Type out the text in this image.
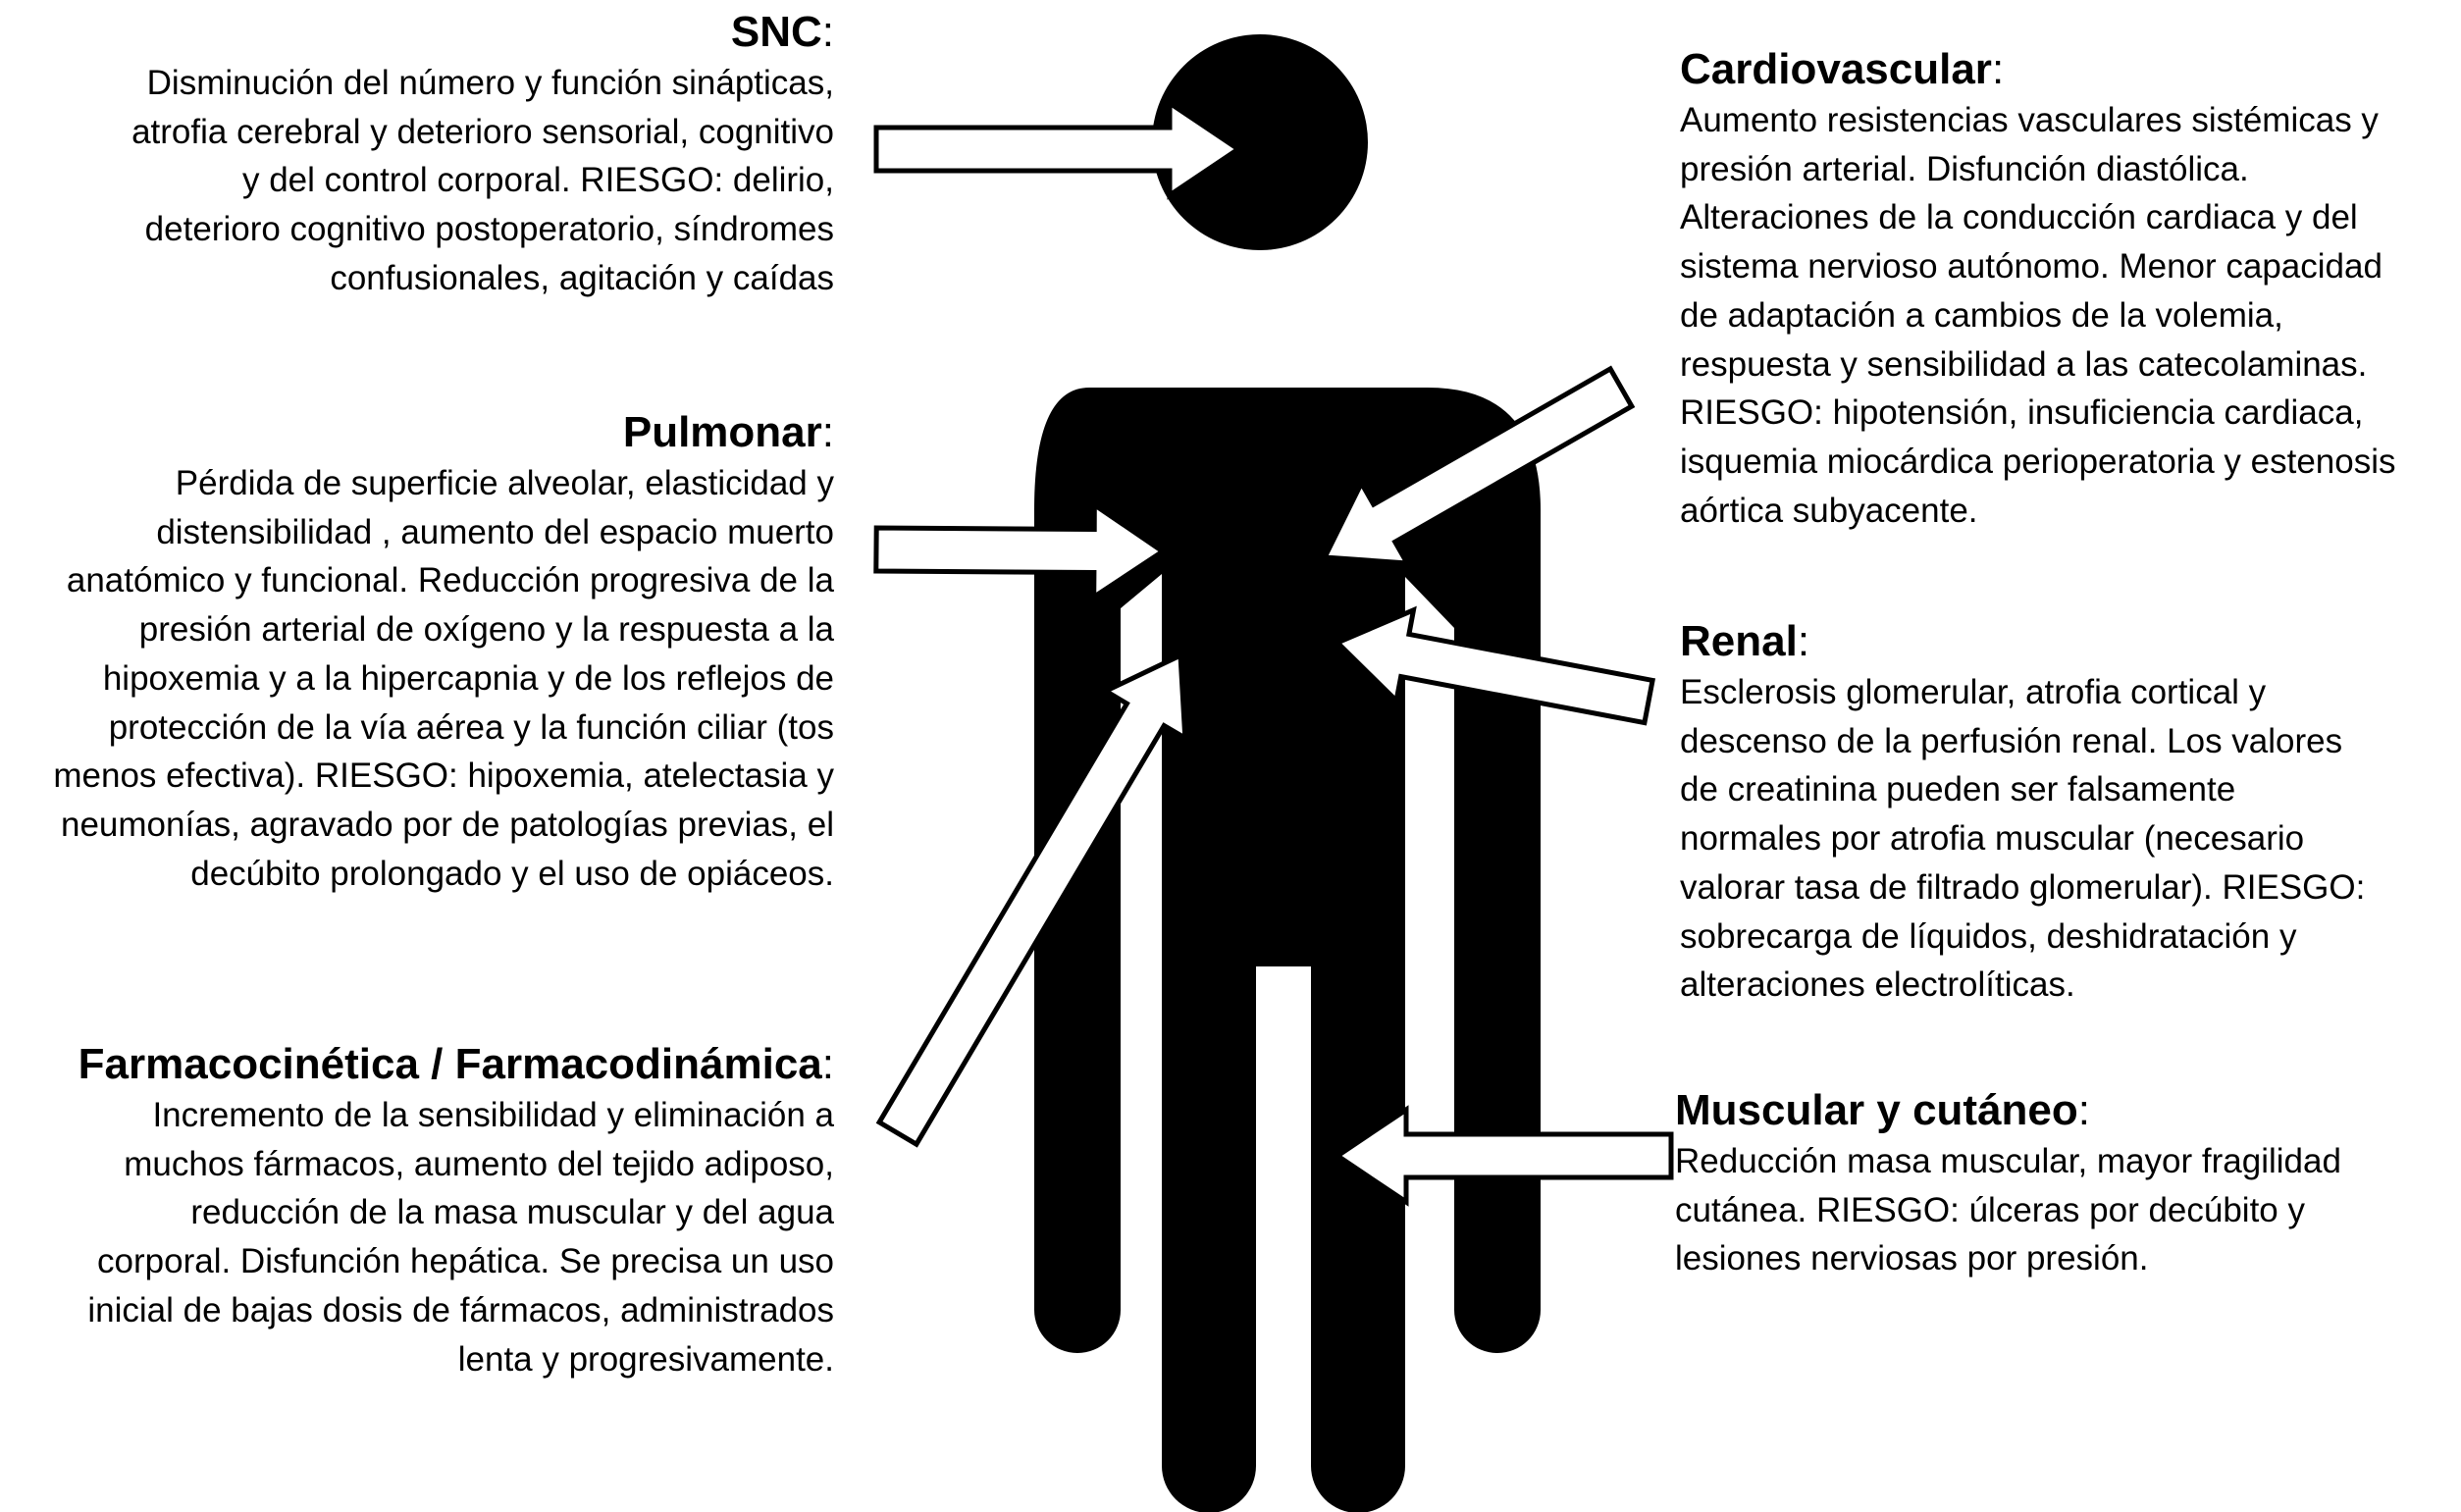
SNC:
Disminución del número y función sinápticas,
atrofia cerebral y deterioro sensorial, cognitivo
y del control corporal. RIESGO: delirio,
deterioro cognitivo postoperatorio, síndromes
confusionales, agitación y caídas
Pulmonar:
Pérdida de superficie alveolar, elasticidad y
distensibilidad , aumento del espacio muerto
anatómico y funcional. Reducción progresiva de la
presión arterial de oxígeno y la respuesta a la
hipoxemia y a la hipercapnia y de los reflejos de
protección de la vía aérea y la función ciliar (tos
menos efectiva). RIESGO: hipoxemia, atelectasia y
neumonías, agravado por de patologías previas, el
decúbito prolongado y el uso de opiáceos.
Farmacocinética / Farmacodinámica:
Incremento de la sensibilidad y eliminación a
muchos fármacos, aumento del tejido adiposo,
reducción de la masa muscular y del agua
corporal. Disfunción hepática. Se precisa un uso
inicial de bajas dosis de fármacos, administrados
lenta y progresivamente.
Cardiovascular:
Aumento resistencias vasculares sistémicas y
presión arterial. Disfunción diastólica.
Alteraciones de la conducción cardiaca y del
sistema nervioso autónomo. Menor capacidad
de adaptación a cambios de la volemia,
respuesta y sensibilidad a las catecolaminas.
RIESGO: hipotensión, insuficiencia cardiaca,
isquemia miocárdica perioperatoria y estenosis
aórtica subyacente.
Renal:
Esclerosis glomerular, atrofia cortical y
descenso de la perfusión renal. Los valores
de creatinina pueden ser falsamente
normales por atrofia muscular (necesario
valorar tasa de filtrado glomerular). RIESGO:
sobrecarga de líquidos, deshidratación y
alteraciones electrolíticas.
Muscular y cutáneo:
Reducción masa muscular, mayor fragilidad
cutánea. RIESGO: úlceras por decúbito y
lesiones nerviosas por presión.
